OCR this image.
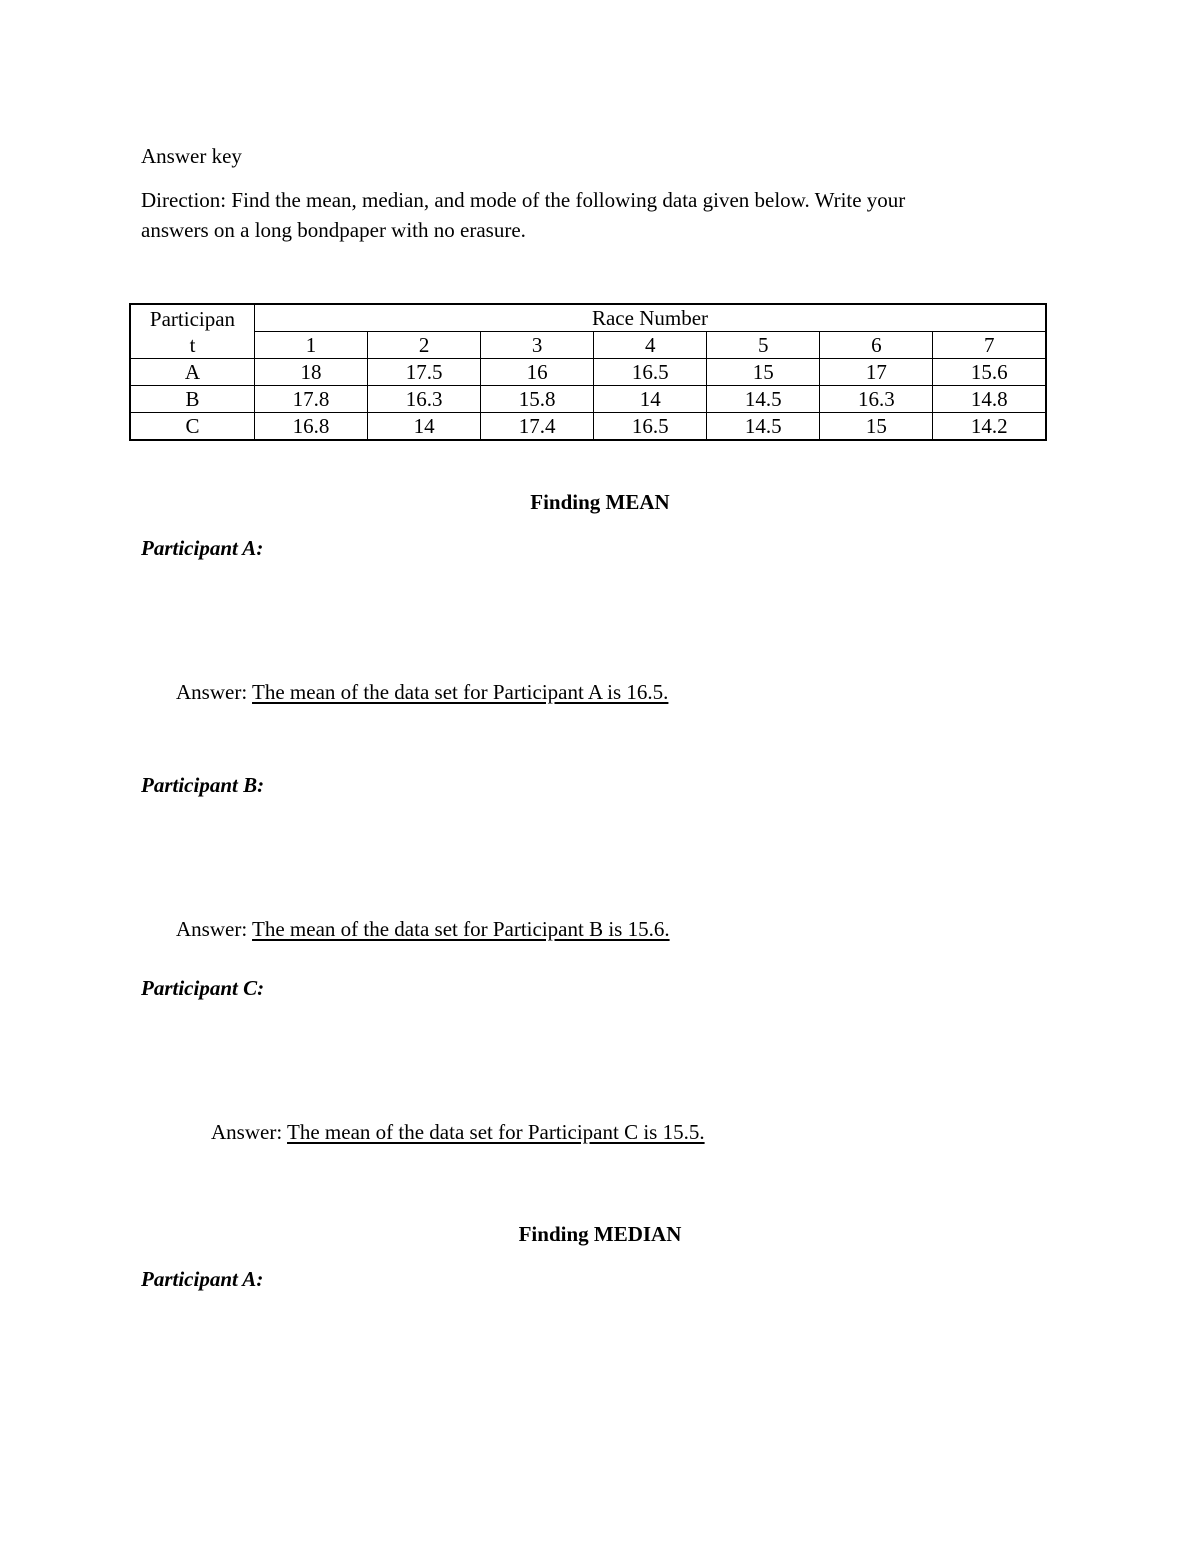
Answer key
Direction: Find the mean, median, and mode of the following data given below. Write your
answers on a long bondpaper with no erasure.
Participan
t	Race Number						
	1	2	3	4	5	6	7
A	18	17.5	16	16.5	15	17	15.6
B	17.8	16.3	15.8	14	14.5	16.3	14.8
C	16.8	14	17.4	16.5	14.5	15	14.2
Finding MEAN
Participant A:
Answer: The mean of the data set for Participant A is 16.5.
Participant B:
Answer: The mean of the data set for Participant B is 15.6.
Participant C:
Answer: The mean of the data set for Participant C is 15.5.
Finding MEDIAN
Participant A:
